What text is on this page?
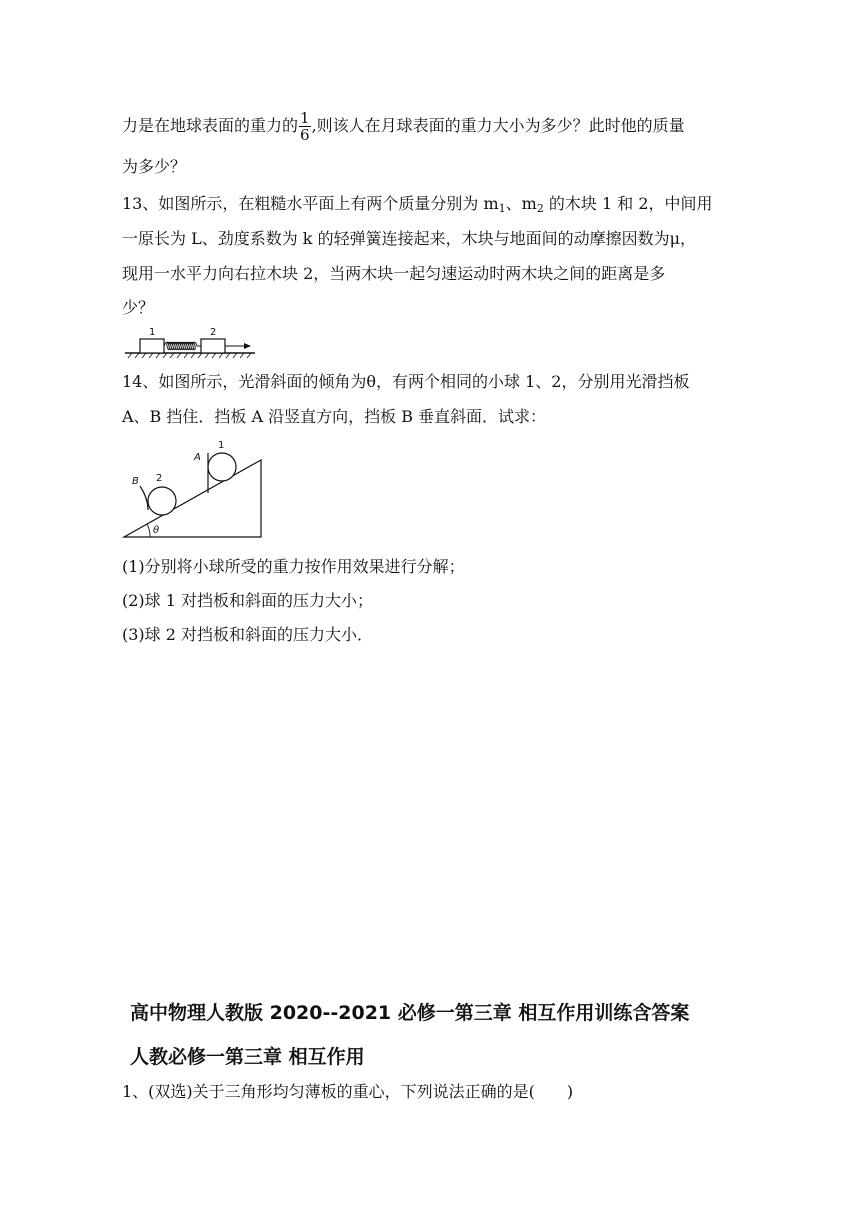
力是在地球表面的重力的 $\frac{1}{6}$ ,则该人在月球表面的重力大小为多少？此时他的质量
为多少？
13、如图所示，在粗糙水平面上有两个质量分别为 $m_1$、$m_2$ 的木块 1 和 2，中间用
一原长为 L、劲度系数为 k 的轻弹簧连接起来，木块与地面间的动摩擦因数为μ，
现用一水平力向右拉木块 2，当两木块一起匀速运动时两木块之间的距离是多
少？
1	2
14、如图所示，光滑斜面的倾角为θ，有两个相同的小球 1、2，分别用光滑挡板
A、B 挡住．挡板 A 沿竖直方向，挡板 B 垂直斜面．试求：
θ
B 2
A
1
(1)分别将小球所受的重力按作用效果进行分解；
(2)球 1 对挡板和斜面的压力大小；
(3)球 2 对挡板和斜面的压力大小．
高中物理人教版 2020--2021 必修一第三章 相互作用训练含答案
人教必修一第三章 相互作用
1、(双选)关于三角形均匀薄板的重心，下列说法正确的是(　　)
